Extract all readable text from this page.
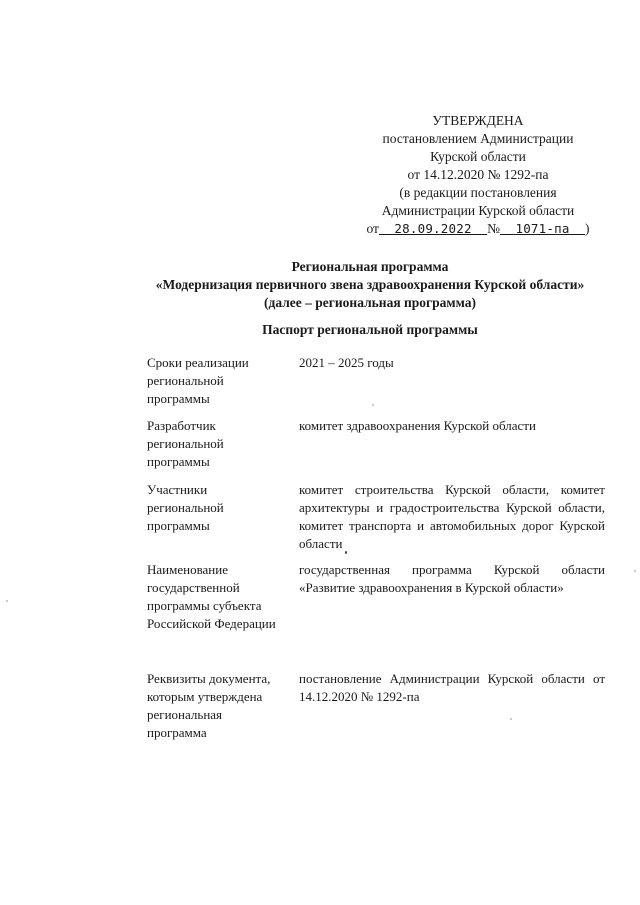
УТВЕРЖДЕНА
постановлением Администрации
Курской области
от 14.12.2020 № 1292-па
(в редакции постановления
Администрации Курской области
от  28.09.2022  №  1071-па  )
Региональная программа
«Модернизация первичного звена здравоохранения Курской области»
(далее – региональная программа)
Паспорт региональной программы
Сроки реализации региональной программы
2021 – 2025 годы
Разработчик региональной программы
комитет здравоохранения Курской области
Участники региональной программы
комитет строительства Курской области, комитет архитектуры и градостроительства Курской области, комитет транспорта и автомобильных дорог Курской области
Наименование государственной программы субъекта Российской Федерации
государственная программа Курской области «Развитие здравоохранения в Курской области»
Реквизиты документа, которым утверждена региональная программа
постановление Администрации Курской области от 14.12.2020 № 1292-па
